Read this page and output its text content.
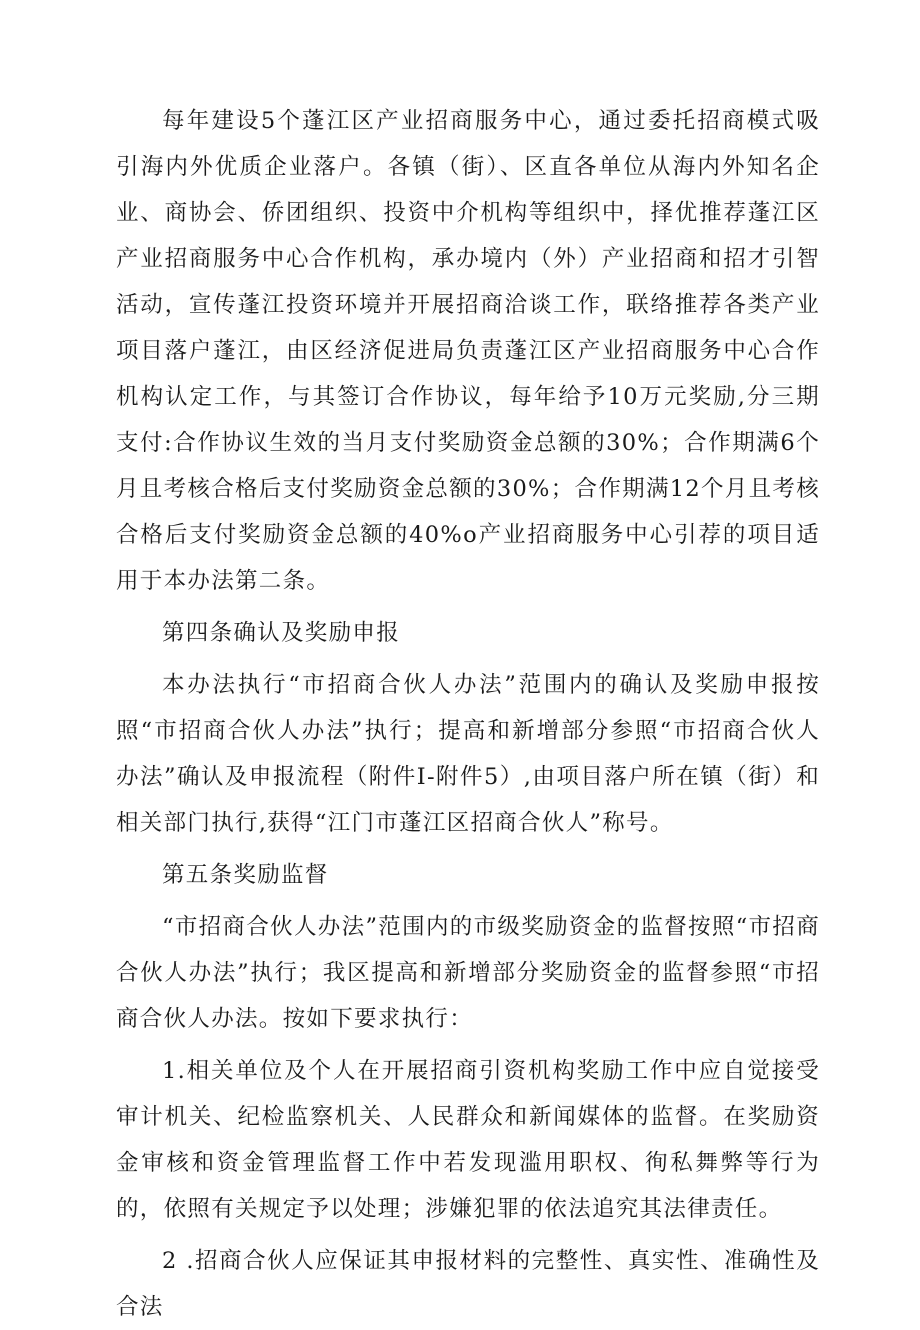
每年建设5个蓬江区产业招商服务中心，通过委托招商模式吸引海内外优质企业落户。各镇（街）、区直各单位从海内外知名企业、商协会、侨团组织、投资中介机构等组织中，择优推荐蓬江区产业招商服务中心合作机构，承办境内（外）产业招商和招才引智活动，宣传蓬江投资环境并开展招商洽谈工作，联络推荐各类产业项目落户蓬江，由区经济促进局负责蓬江区产业招商服务中心合作机构认定工作，与其签订合作协议，每年给予10万元奖励,分三期支付:合作协议生效的当月支付奖励资金总额的30%；合作期满6个月且考核合格后支付奖励资金总额的30%；合作期满12个月且考核合格后支付奖励资金总额的40%o产业招商服务中心引荐的项目适用于本办法第二条。

第四条确认及奖励申报

本办法执行“市招商合伙人办法”范围内的确认及奖励申报按照“市招商合伙人办法”执行；提高和新增部分参照“市招商合伙人办法”确认及申报流程（附件I-附件5）,由项目落户所在镇（街）和相关部门执行,获得“江门市蓬江区招商合伙人”称号。

第五条奖励监督

“市招商合伙人办法”范围内的市级奖励资金的监督按照“市招商合伙人办法”执行；我区提高和新增部分奖励资金的监督参照“市招商合伙人办法。按如下要求执行：

1.相关单位及个人在开展招商引资机构奖励工作中应自觉接受审计机关、纪检监察机关、人民群众和新闻媒体的监督。在奖励资金审核和资金管理监督工作中若发现滥用职权、徇私舞弊等行为的，依照有关规定予以处理；涉嫌犯罪的依法追究其法律责任。

2 .招商合伙人应保证其申报材料的完整性、真实性、准确性及合法
